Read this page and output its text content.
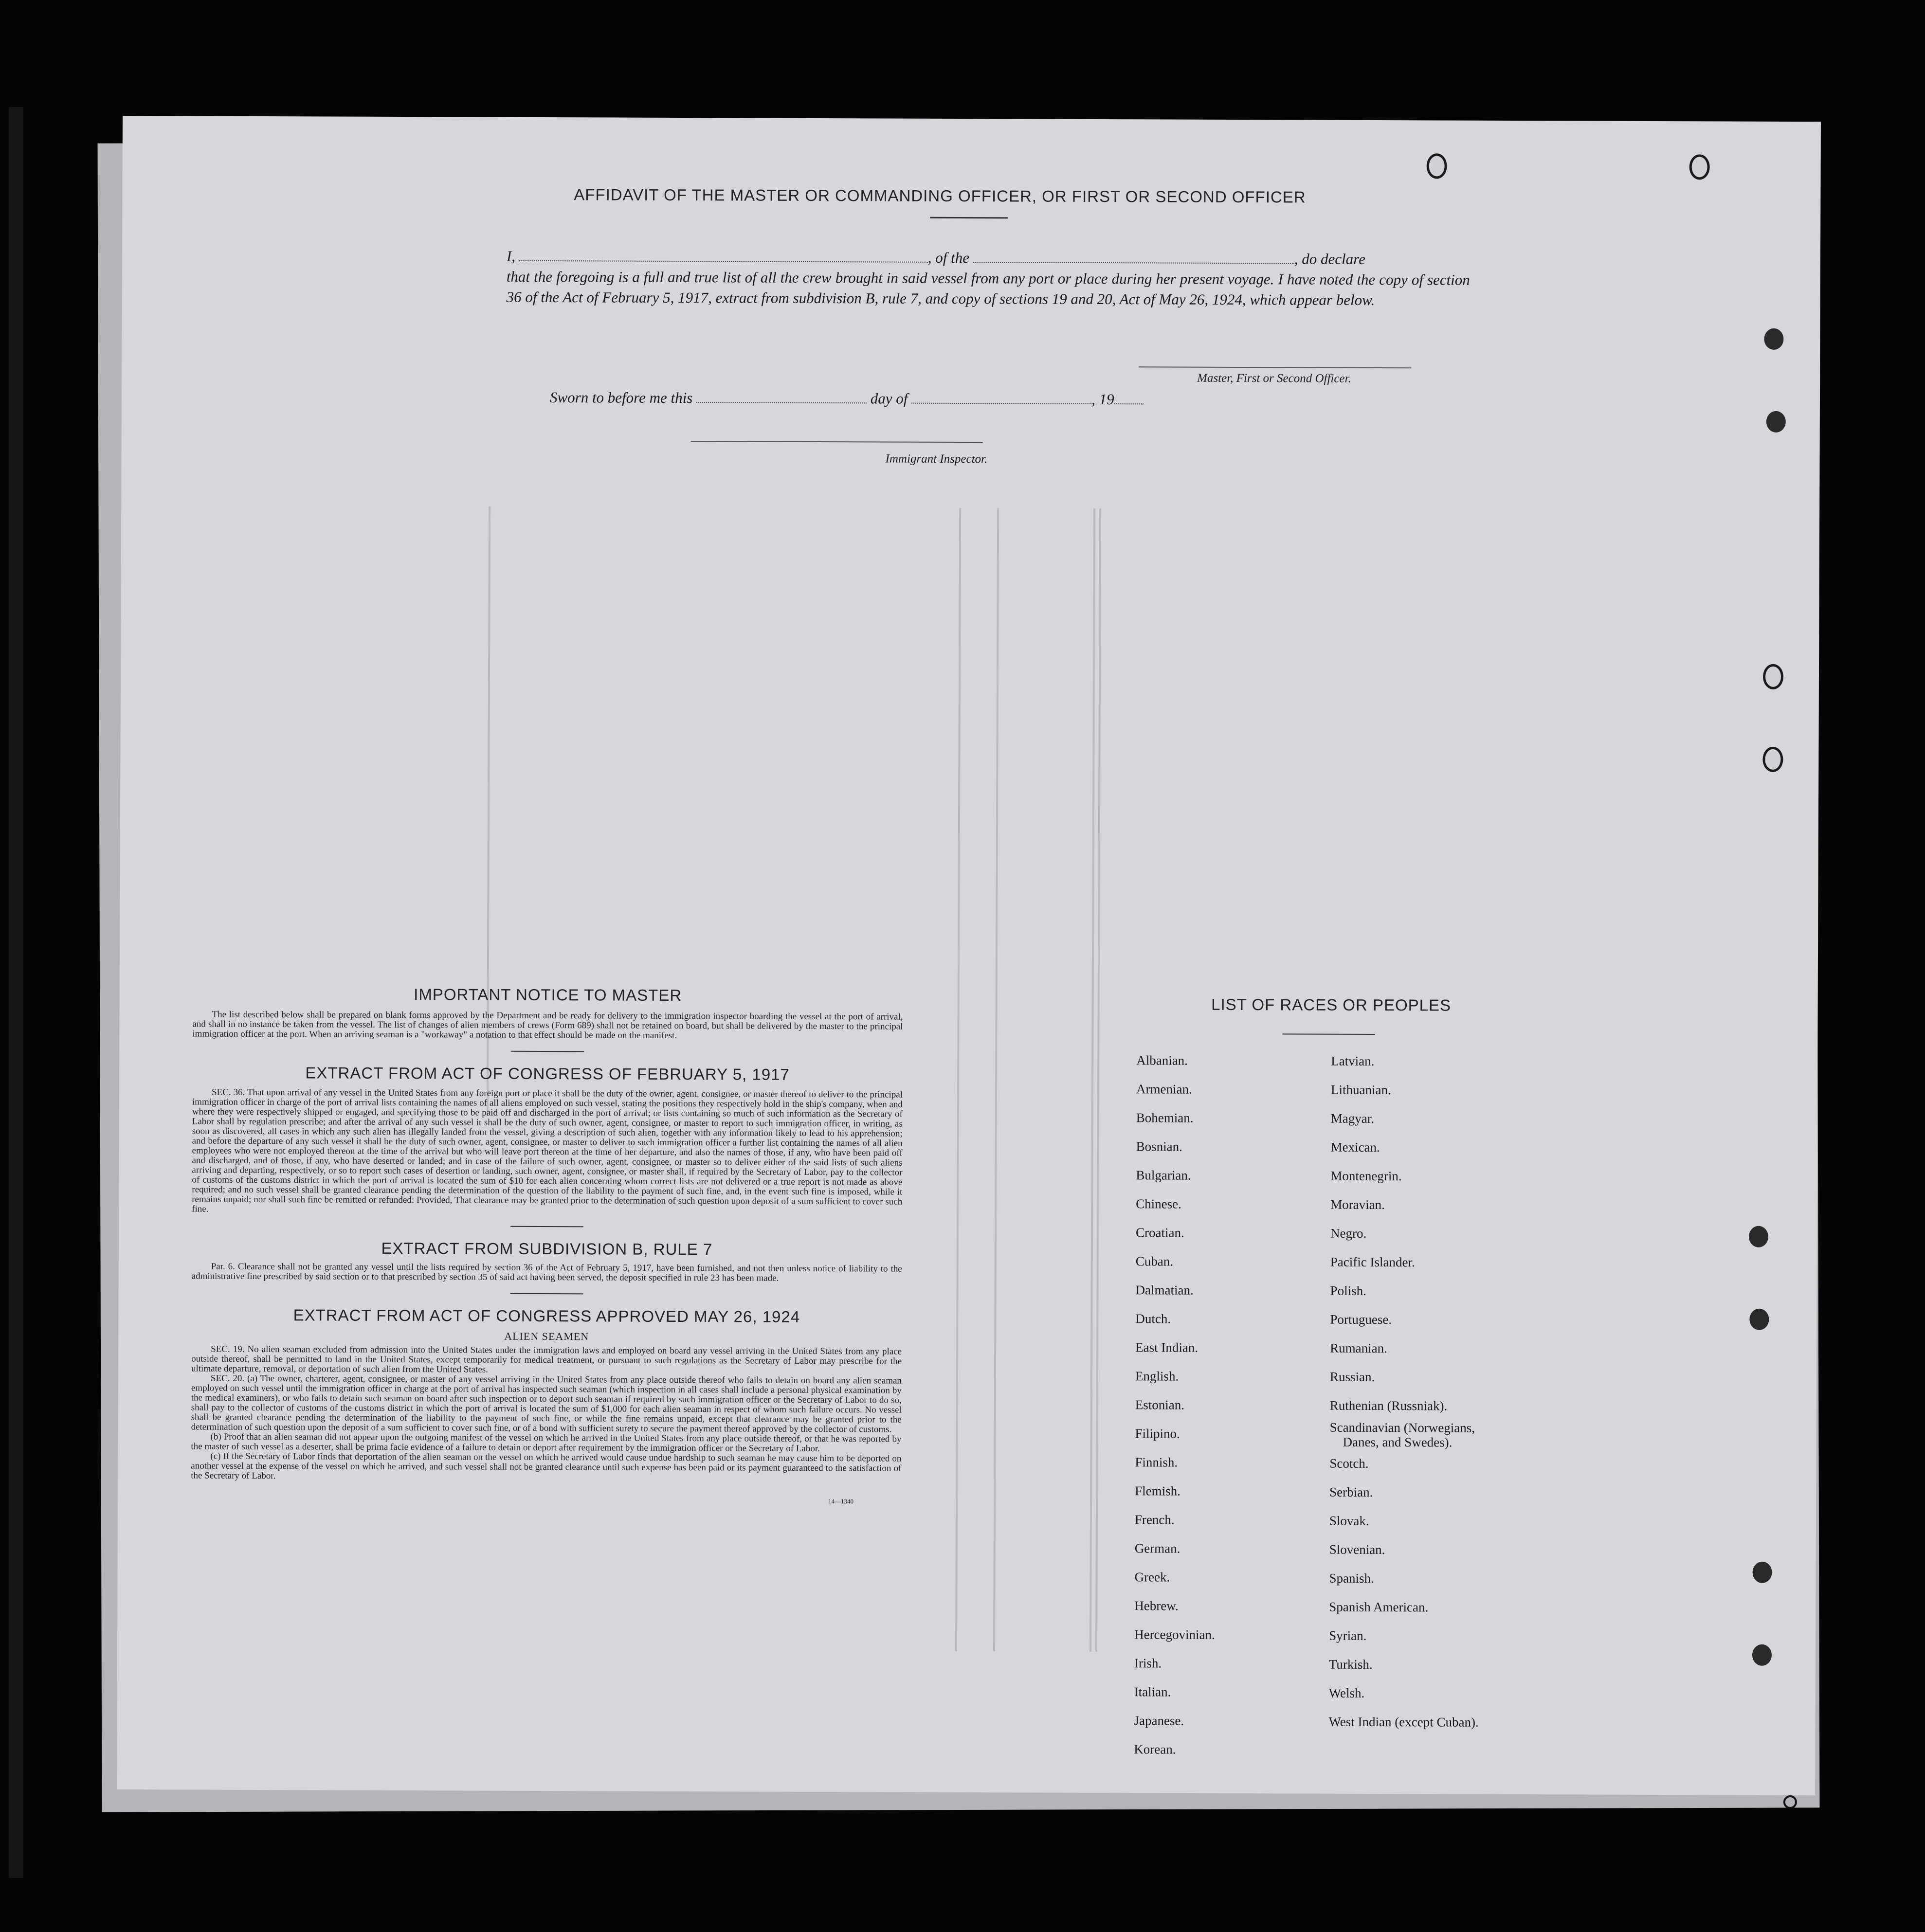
AFFIDAVIT OF THE MASTER OR COMMANDING OFFICER, OR FIRST OR SECOND OFFICER
I,	, of the	, do declare
that the foregoing is a full and true list of all the crew brought in said vessel from any port or place during her present voyage. I have noted the copy of section 36 of the Act of February 5, 1917, extract from subdivision B, rule 7, and copy of sections 19 and 20, Act of May 26, 1924, which appear below.
Master, First or Second Officer.
Sworn to before me this	day of	, 19
Immigrant Inspector.
IMPORTANT NOTICE TO MASTER
The list described below shall be prepared on blank forms approved by the Department and be ready for delivery to the immigration inspector boarding the vessel at the port of arrival, and shall in no instance be taken from the vessel. The list of changes of alien members of crews (Form 689) shall not be retained on board, but shall be delivered by the master to the principal immigration officer at the port. When an arriving seaman is a "workaway" a notation to that effect should be made on the manifest.
EXTRACT FROM ACT OF CONGRESS OF FEBRUARY 5, 1917
SEC. 36. That upon arrival of any vessel in the United States from any foreign port or place it shall be the duty of the owner, agent, consignee, or master thereof to deliver to the principal immigration officer in charge of the port of arrival lists containing the names of all aliens employed on such vessel, stating the positions they respectively hold in the ship's company, when and where they were respectively shipped or engaged, and specifying those to be paid off and discharged in the port of arrival; or lists containing so much of such information as the Secretary of Labor shall by regulation prescribe; and after the arrival of any such vessel it shall be the duty of such owner, agent, consignee, or master to report to such immigration officer, in writing, as soon as discovered, all cases in which any such alien has illegally landed from the vessel, giving a description of such alien, together with any information likely to lead to his apprehension; and before the departure of any such vessel it shall be the duty of such owner, agent, consignee, or master to deliver to such immigration officer a further list containing the names of all alien employees who were not employed thereon at the time of the arrival but who will leave port thereon at the time of her departure, and also the names of those, if any, who have been paid off and discharged, and of those, if any, who have deserted or landed; and in case of the failure of such owner, agent, consignee, or master so to deliver either of the said lists of such aliens arriving and departing, respectively, or so to report such cases of desertion or landing, such owner, agent, consignee, or master shall, if required by the Secretary of Labor, pay to the collector of customs of the customs district in which the port of arrival is located the sum of $10 for each alien concerning whom correct lists are not delivered or a true report is not made as above required; and no such vessel shall be granted clearance pending the determination of the question of the liability to the payment of such fine, and, in the event such fine is imposed, while it remains unpaid; nor shall such fine be remitted or refunded: Provided, That clearance may be granted prior to the determination of such question upon deposit of a sum sufficient to cover such fine.
EXTRACT FROM SUBDIVISION B, RULE 7
Par. 6. Clearance shall not be granted any vessel until the lists required by section 36 of the Act of February 5, 1917, have been furnished, and not then unless notice of liability to the administrative fine prescribed by said section or to that prescribed by section 35 of said act having been served, the deposit specified in rule 23 has been made.
EXTRACT FROM ACT OF CONGRESS APPROVED MAY 26, 1924
ALIEN SEAMEN
SEC. 19. No alien seaman excluded from admission into the United States under the immigration laws and employed on board any vessel arriving in the United States from any place outside thereof, shall be permitted to land in the United States, except temporarily for medical treatment, or pursuant to such regulations as the Secretary of Labor may prescribe for the ultimate departure, removal, or deportation of such alien from the United States.
SEC. 20. (a) The owner, charterer, agent, consignee, or master of any vessel arriving in the United States from any place outside thereof who fails to detain on board any alien seaman employed on such vessel until the immigration officer in charge at the port of arrival has inspected such seaman (which inspection in all cases shall include a personal physical examination by the medical examiners), or who fails to detain such seaman on board after such inspection or to deport such seaman if required by such immigration officer or the Secretary of Labor to do so, shall pay to the collector of customs of the customs district in which the port of arrival is located the sum of $1,000 for each alien seaman in respect of whom such failure occurs. No vessel shall be granted clearance pending the determination of the liability to the payment of such fine, or while the fine remains unpaid, except that clearance may be granted prior to the determination of such question upon the deposit of a sum sufficient to cover such fine, or of a bond with sufficient surety to secure the payment thereof approved by the collector of customs.
(b) Proof that an alien seaman did not appear upon the outgoing manifest of the vessel on which he arrived in the United States from any place outside thereof, or that he was reported by the master of such vessel as a deserter, shall be prima facie evidence of a failure to detain or deport after requirement by the immigration officer or the Secretary of Labor.
(c) If the Secretary of Labor finds that deportation of the alien seaman on the vessel on which he arrived would cause undue hardship to such seaman he may cause him to be deported on another vessel at the expense of the vessel on which he arrived, and such vessel shall not be granted clearance until such expense has been paid or its payment guaranteed to the satisfaction of the Secretary of Labor.
14—1340
LIST OF RACES OR PEOPLES
Albanian.
Armenian.
Bohemian.
Bosnian.
Bulgarian.
Chinese.
Croatian.
Cuban.
Dalmatian.
Dutch.
East Indian.
English.
Estonian.
Filipino.
Finnish.
Flemish.
French.
German.
Greek.
Hebrew.
Hercegovinian.
Irish.
Italian.
Japanese.
Korean.
Latvian.
Lithuanian.
Magyar.
Mexican.
Montenegrin.
Moravian.
Negro.
Pacific Islander.
Polish.
Portuguese.
Rumanian.
Russian.
Ruthenian (Russniak).
Scandinavian (Norwegians,
Danes, and Swedes).
Scotch.
Serbian.
Slovak.
Slovenian.
Spanish.
Spanish American.
Syrian.
Turkish.
Welsh.
West Indian (except Cuban).
